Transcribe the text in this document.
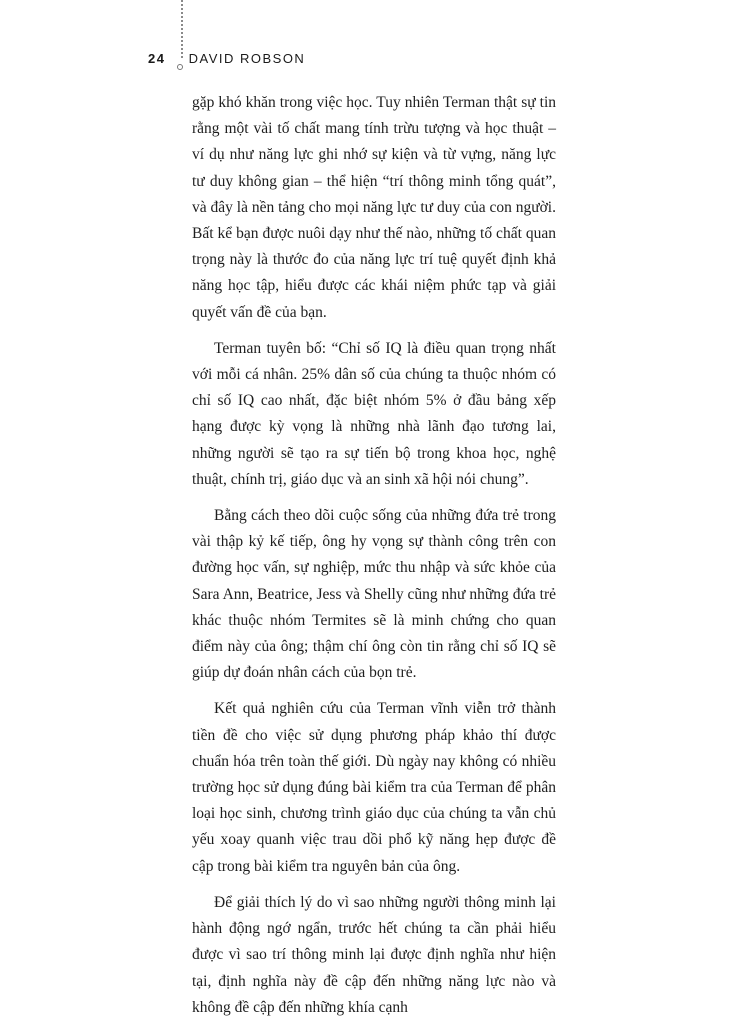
24 DAVID ROBSON

gặp khó khăn trong việc học. Tuy nhiên Terman thật sự tin rằng một vài tố chất mang tính trừu tượng và học thuật – ví dụ như năng lực ghi nhớ sự kiện và từ vựng, năng lực tư duy không gian – thể hiện “trí thông minh tổng quát”, và đây là nền tảng cho mọi năng lực tư duy của con người. Bất kể bạn được nuôi dạy như thế nào, những tố chất quan trọng này là thước đo của năng lực trí tuệ quyết định khả năng học tập, hiểu được các khái niệm phức tạp và giải quyết vấn đề của bạn.

Terman tuyên bố: “Chỉ số IQ là điều quan trọng nhất với mỗi cá nhân. 25% dân số của chúng ta thuộc nhóm có chỉ số IQ cao nhất, đặc biệt nhóm 5% ở đầu bảng xếp hạng được kỳ vọng là những nhà lãnh đạo tương lai, những người sẽ tạo ra sự tiến bộ trong khoa học, nghệ thuật, chính trị, giáo dục và an sinh xã hội nói chung”.

Bằng cách theo dõi cuộc sống của những đứa trẻ trong vài thập kỷ kế tiếp, ông hy vọng sự thành công trên con đường học vấn, sự nghiệp, mức thu nhập và sức khỏe của Sara Ann, Beatrice, Jess và Shelly cũng như những đứa trẻ khác thuộc nhóm Termites sẽ là minh chứng cho quan điểm này của ông; thậm chí ông còn tin rằng chỉ số IQ sẽ giúp dự đoán nhân cách của bọn trẻ.

Kết quả nghiên cứu của Terman vĩnh viễn trở thành tiền đề cho việc sử dụng phương pháp khảo thí được chuẩn hóa trên toàn thế giới. Dù ngày nay không có nhiều trường học sử dụng đúng bài kiểm tra của Terman để phân loại học sinh, chương trình giáo dục của chúng ta vẫn chủ yếu xoay quanh việc trau dồi phổ kỹ năng hẹp được đề cập trong bài kiểm tra nguyên bản của ông.

Để giải thích lý do vì sao những người thông minh lại hành động ngớ ngẩn, trước hết chúng ta cần phải hiểu được vì sao trí thông minh lại được định nghĩa như hiện tại, định nghĩa này đề cập đến những năng lực nào và không đề cập đến những khía cạnh
